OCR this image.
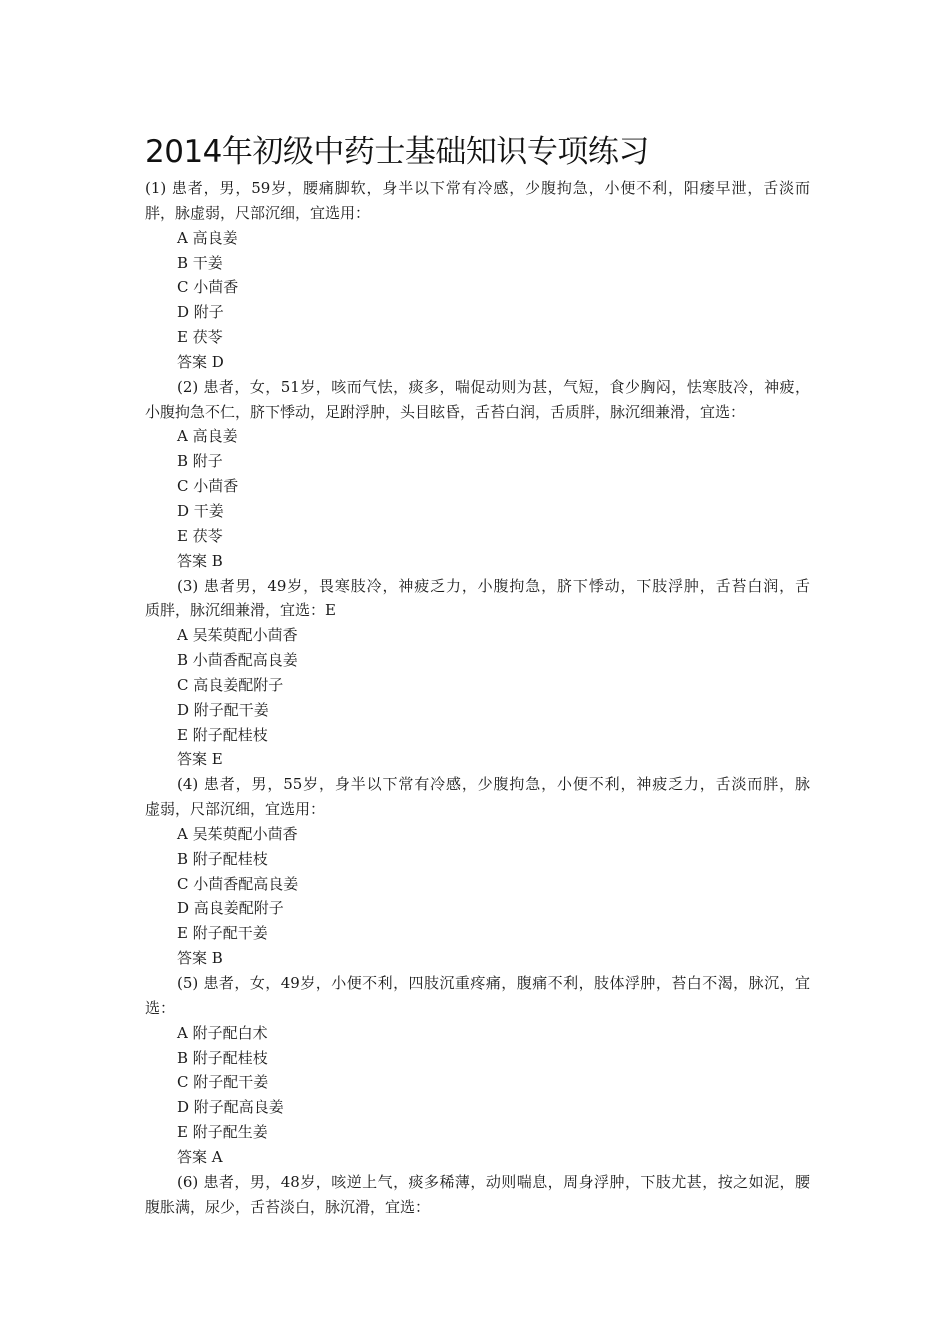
2014年初级中药士基础知识专项练习
(1) 患者，男，59岁，腰痛脚软，身半以下常有冷感，少腹拘急，小便不利，阳痿早泄，舌淡而
胖，脉虚弱，尺部沉细，宜选用：
A 高良姜
B 干姜
C 小茴香
D 附子
E 茯苓
答案 D
(2) 患者，女，51岁，咳而气怯，痰多，喘促动则为甚，气短，食少胸闷，怯寒肢冷，神疲，
小腹拘急不仁，脐下悸动，足跗浮肿，头目眩昏，舌苔白润，舌质胖，脉沉细兼滑，宜选：
A 高良姜
B 附子
C 小茴香
D 干姜
E 茯苓
答案 B
(3) 患者男，49岁，畏寒肢冷，神疲乏力，小腹拘急，脐下悸动，下肢浮肿，舌苔白润，舌
质胖，脉沉细兼滑，宜选：E
A 吴茱萸配小茴香
B 小茴香配高良姜
C 高良姜配附子
D 附子配干姜
E 附子配桂枝
答案 E
(4) 患者，男，55岁，身半以下常有冷感，少腹拘急，小便不利，神疲乏力，舌淡而胖，脉
虚弱，尺部沉细，宜选用：
A 吴茱萸配小茴香
B 附子配桂枝
C 小茴香配高良姜
D 高良姜配附子
E 附子配干姜
答案 B
(5) 患者，女，49岁，小便不利，四肢沉重疼痛，腹痛不利，肢体浮肿，苔白不渴，脉沉，宜
选：
A 附子配白术
B 附子配桂枝
C 附子配干姜
D 附子配高良姜
E 附子配生姜
答案 A
(6) 患者，男，48岁，咳逆上气，痰多稀薄，动则喘息，周身浮肿，下肢尤甚，按之如泥，腰
腹胀满，尿少，舌苔淡白，脉沉滑，宜选：
